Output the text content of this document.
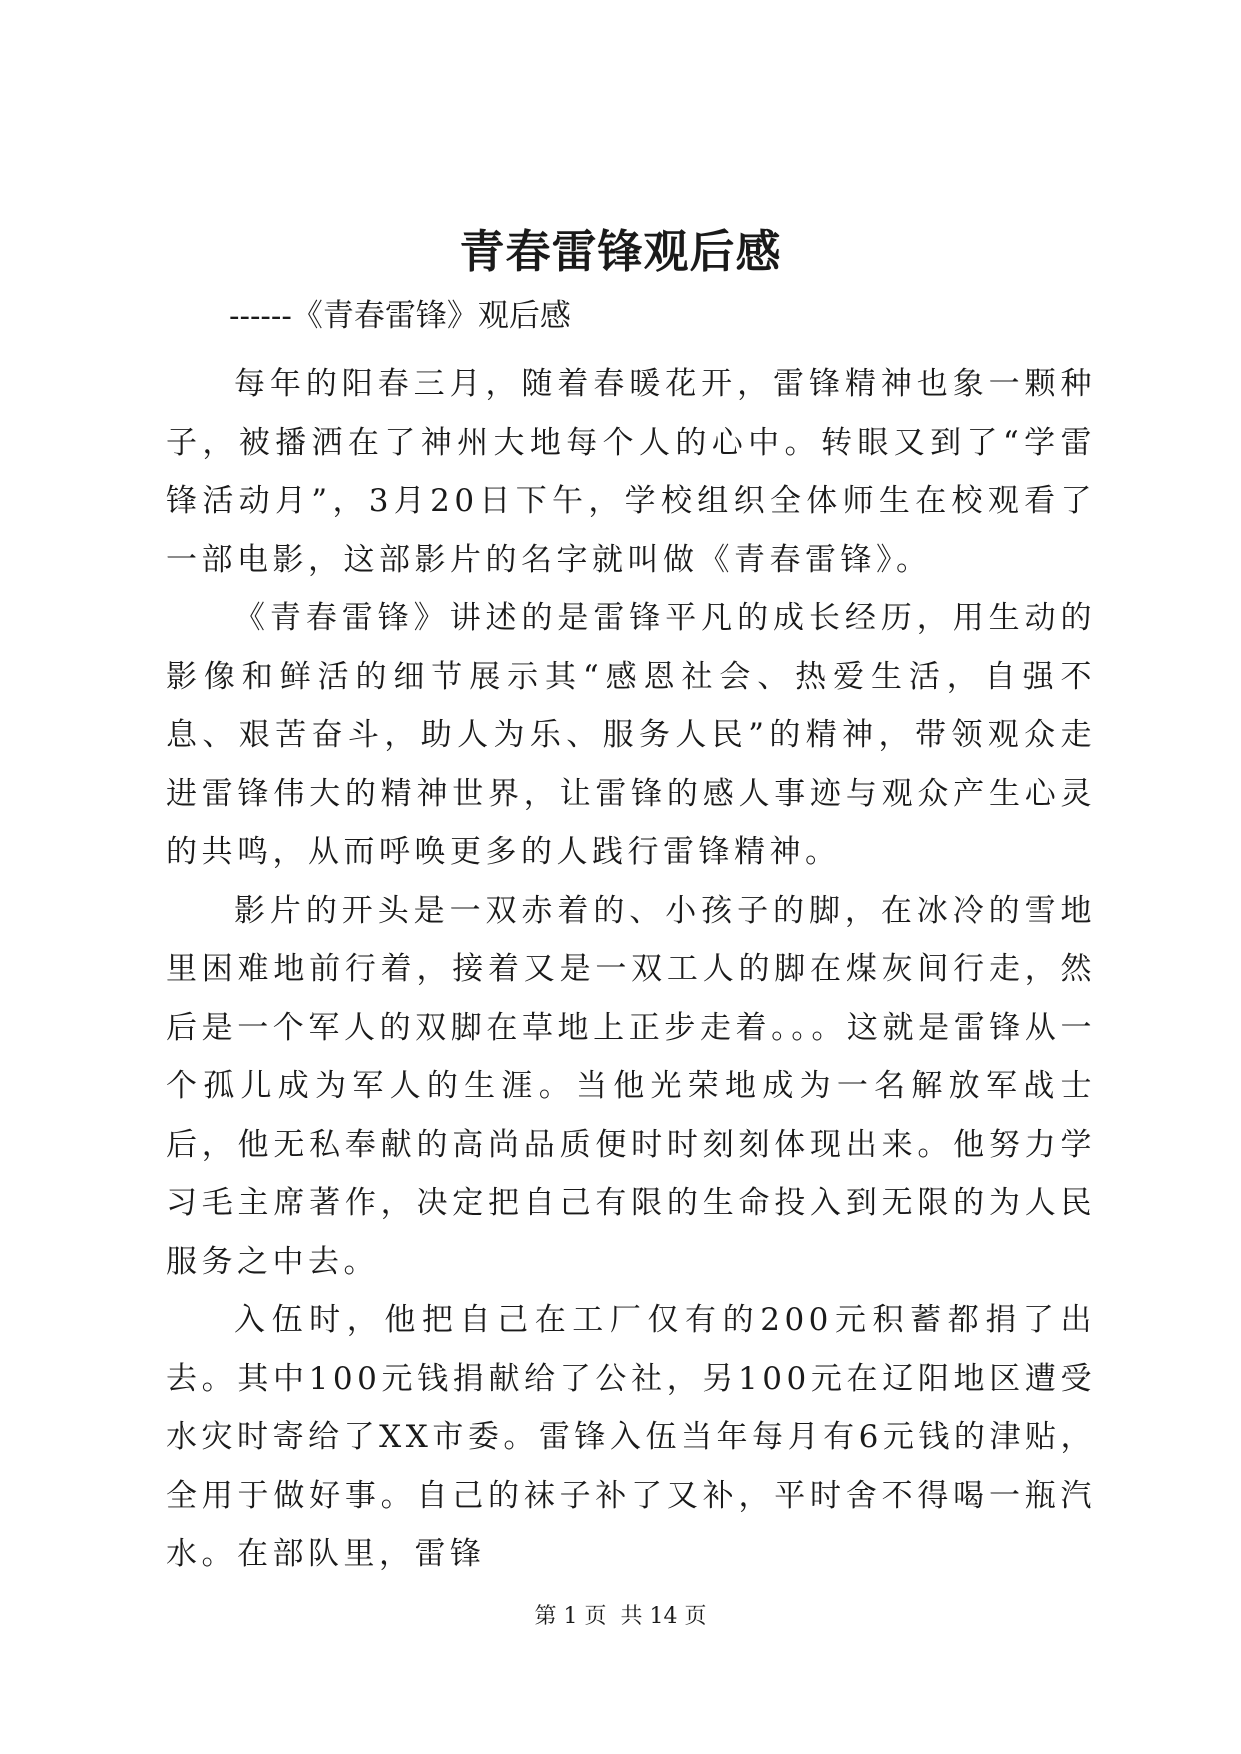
青春雷锋观后感

------《青春雷锋》观后感

每年的阳春三月，随着春暖花开，雷锋精神也象一颗种子，被播洒在了神州大地每个人的心中。转眼又到了“学雷锋活动月”，3月20日下午，学校组织全体师生在校观看了一部电影，这部影片的名字就叫做《青春雷锋》。

《青春雷锋》讲述的是雷锋平凡的成长经历，用生动的影像和鲜活的细节展示其“感恩社会、热爱生活，自强不息、艰苦奋斗，助人为乐、服务人民”的精神，带领观众走进雷锋伟大的精神世界，让雷锋的感人事迹与观众产生心灵的共鸣，从而呼唤更多的人践行雷锋精神。

影片的开头是一双赤着的、小孩子的脚，在冰冷的雪地里困难地前行着，接着又是一双工人的脚在煤灰间行走，然后是一个军人的双脚在草地上正步走着。。。这就是雷锋从一个孤儿成为军人的生涯。当他光荣地成为一名解放军战士后，他无私奉献的高尚品质便时时刻刻体现出来。他努力学习毛主席著作，决定把自己有限的生命投入到无限的为人民服务之中去。

入伍时，他把自己在工厂仅有的200元积蓄都捐了出去。其中100元钱捐献给了公社，另100元在辽阳地区遭受水灾时寄给了XX市委。雷锋入伍当年每月有6元钱的津贴，全用于做好事。自己的袜子补了又补，平时舍不得喝一瓶汽水。在部队里，雷锋

第 1 页  共 14 页
